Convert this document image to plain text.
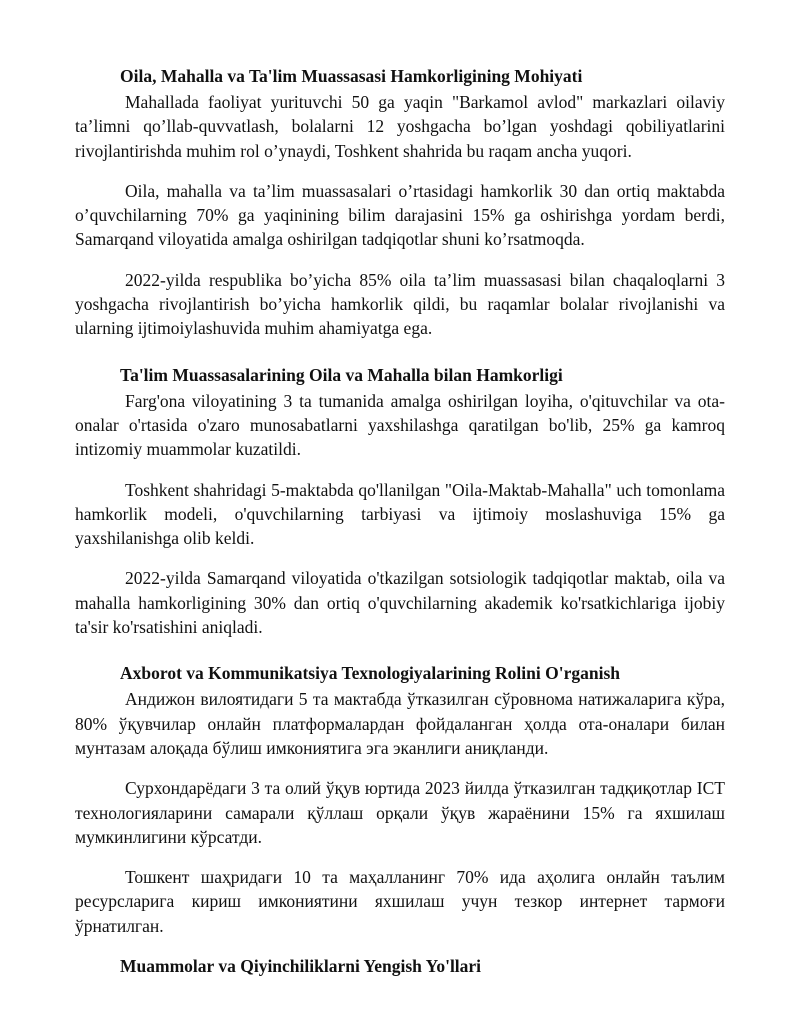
Oila, Mahalla va Ta'lim Muassasasi Hamkorligining Mohiyati

Mahallada faoliyat yurituvchi 50 ga yaqin "Barkamol avlod" markazlari oilaviy ta’limni qo’llab-quvvatlash, bolalarni 12 yoshgacha bo’lgan yoshdagi qobiliyatlarini rivojlantirishda muhim rol o’ynaydi, Toshkent shahrida bu raqam ancha yuqori.

Oila, mahalla va ta’lim muassasalari o’rtasidagi hamkorlik 30 dan ortiq maktabda o’quvchilarning 70% ga yaqinining bilim darajasini 15% ga oshirishga yordam berdi, Samarqand viloyatida amalga oshirilgan tadqiqotlar shuni ko’rsatmoqda.

2022-yilda respublika bo’yicha 85% oila ta’lim muassasasi bilan chaqaloqlarni 3 yoshgacha rivojlantirish bo’yicha hamkorlik qildi, bu raqamlar bolalar rivojlanishi va ularning ijtimoiylashuvida muhim ahamiyatga ega.

Ta'lim Muassasalarining Oila va Mahalla bilan Hamkorligi

Farg'ona viloyatining 3 ta tumanida amalga oshirilgan loyiha, o'qituvchilar va ota-onalar o'rtasida o'zaro munosabatlarni yaxshilashga qaratilgan bo'lib, 25% ga kamroq intizomiy muammolar kuzatildi.

Toshkent shahridagi 5-maktabda qo'llanilgan "Oila-Maktab-Mahalla" uch tomonlama hamkorlik modeli, o'quvchilarning tarbiyasi va ijtimoiy moslashuviga 15% ga yaxshilanishga olib keldi.

2022-yilda Samarqand viloyatida o'tkazilgan sotsiologik tadqiqotlar maktab, oila va mahalla hamkorligining 30% dan ortiq o'quvchilarning akademik ko'rsatkichlariga ijobiy ta'sir ko'rsatishini aniqladi.

Axborot va Kommunikatsiya Texnologiyalarining Rolini O'rganish

Андижон вилоятидаги 5 та мактабда ўтказилган сўровнома натижаларига кўра, 80% ўқувчилар онлайн платформалардан фойдаланган ҳолда ота-оналари билан мунтазам алоқада бўлиш имкониятига эга эканлиги аниқланди.

Сурхондарёдаги 3 та олий ўқув юртида 2023 йилда ўтказилган тадқиқотлар ICT технологияларини самарали қўллаш орқали ўқув жараёнини 15% га яхшилаш мумкинлигини кўрсатди.

Тошкент шаҳридаги 10 та маҳалланинг 70% ида аҳолига онлайн таълим ресурсларига кириш имкониятини яхшилаш учун тезкор интернет тармоғи ўрнатилган.

Muammolar va Qiyinchiliklarni Yengish Yo'llari
